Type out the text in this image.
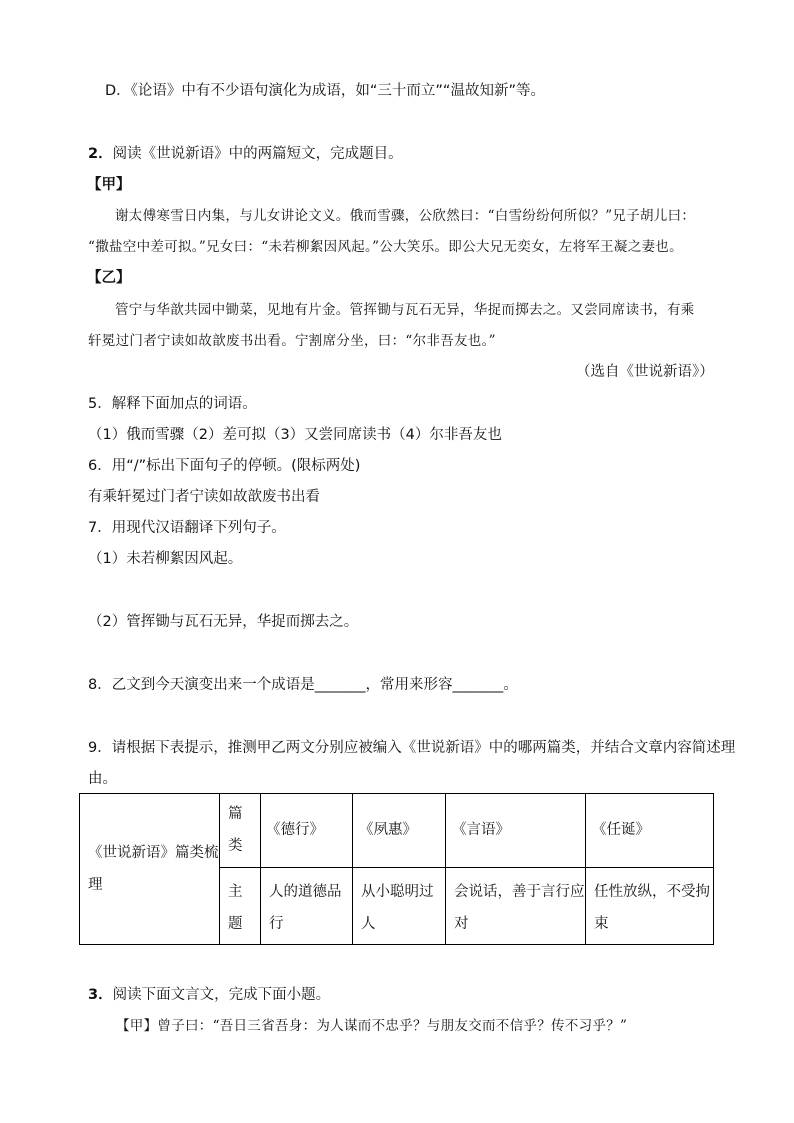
D．《论语》中有不少语句演化为成语，如“三十而立”“温故知新”等。
2．阅读《世说新语》中的两篇短文，完成题目。
【甲】
谢太傅寒雪日内集，与儿女讲论文义。俄而雪骤，公欣然曰：“白雪纷纷何所似？”兄子胡儿曰：
“撒盐空中差可拟。”兄女曰：“未若柳絮因风起。”公大笑乐。即公大兄无奕女，左将军王凝之妻也。
【乙】
管宁与华歆共园中锄菜，见地有片金。管挥锄与瓦石无异，华捉而掷去之。又尝同席读书，有乘
轩冕过门者宁读如故歆废书出看。宁割席分坐，曰：“尔非吾友也。”
（选自《世说新语》）
5．解释下面加点的词语。
（1）俄而雪骤（2）差可拟（3）又尝同席读书（4）尔非吾友也
6．用“/”标出下面句子的停顿。(限标两处)
有乘轩冕过门者宁读如故歆废书出看
7．用现代汉语翻译下列句子。
（1）未若柳絮因风起。
（2）管挥锄与瓦石无异，华捉而掷去之。
8．乙文到今天演变出来一个成语是_______，常用来形容_______。
9．请根据下表提示，推测甲乙两文分别应被编入《世说新语》中的哪两篇类，并结合文章内容简述理
由。
《世说新语》篇类梳
理
篇
类
主
题
《德行》 《夙惠》 《言语》	《任诞》
人的道德品
行
从小聪明过
人
会说话，善于言行应
对
任性放纵，不受拘
束
3．阅读下面文言文，完成下面小题。
【甲】曾子曰：“吾日三省吾身：为人谋而不忠乎？与朋友交而不信乎？传不习乎？”
